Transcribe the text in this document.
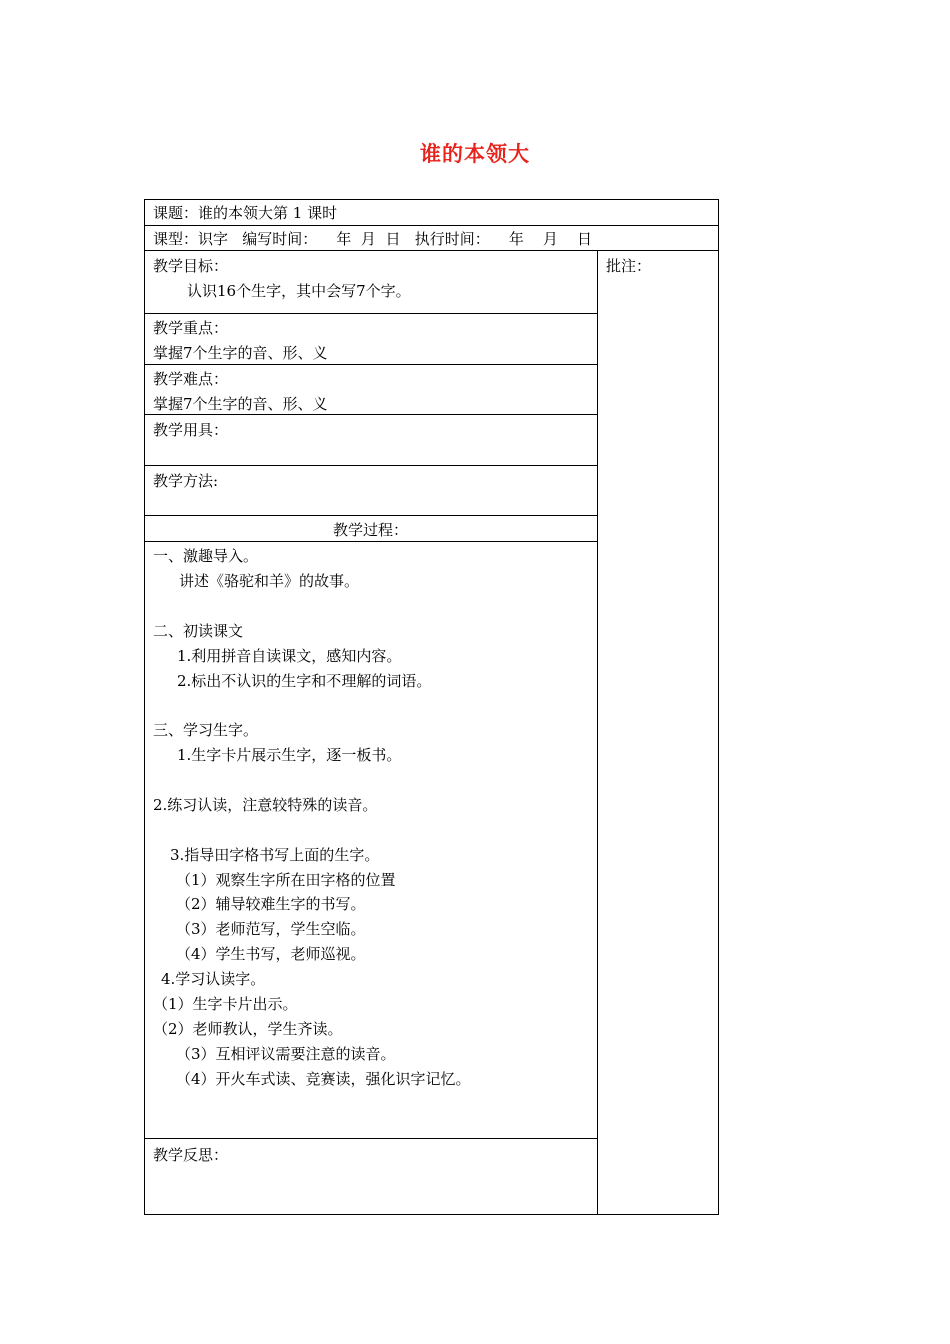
谁的本领大
课题：谁的本领大第 1 课时
课型：识字   编写时间：    年  月  日   执行时间：    年    月    日
批注：
教学目标：
认识16个生字，其中会写7个字。
教学重点：
掌握7个生字的音、形、义
教学难点：
掌握7个生字的音、形、义
教学用具：
教学方法:
教学过程：
一、激趣导入。
讲述《骆驼和羊》的故事。
二、初读课文
1.利用拼音自读课文，感知内容。
2.标出不认识的生字和不理解的词语。
三、学习生字。
1.生字卡片展示生字，逐一板书。
2.练习认读，注意较特殊的读音。
3.指导田字格书写上面的生字。
（1）观察生字所在田字格的位置
（2）辅导较难生字的书写。
（3）老师范写，学生空临。
（4）学生书写，老师巡视。
4.学习认读字。
（1）生字卡片出示。
（2）老师教认，学生齐读。
（3）互相评议需要注意的读音。
（4）开火车式读、竞赛读，强化识字记忆。
教学反思：
